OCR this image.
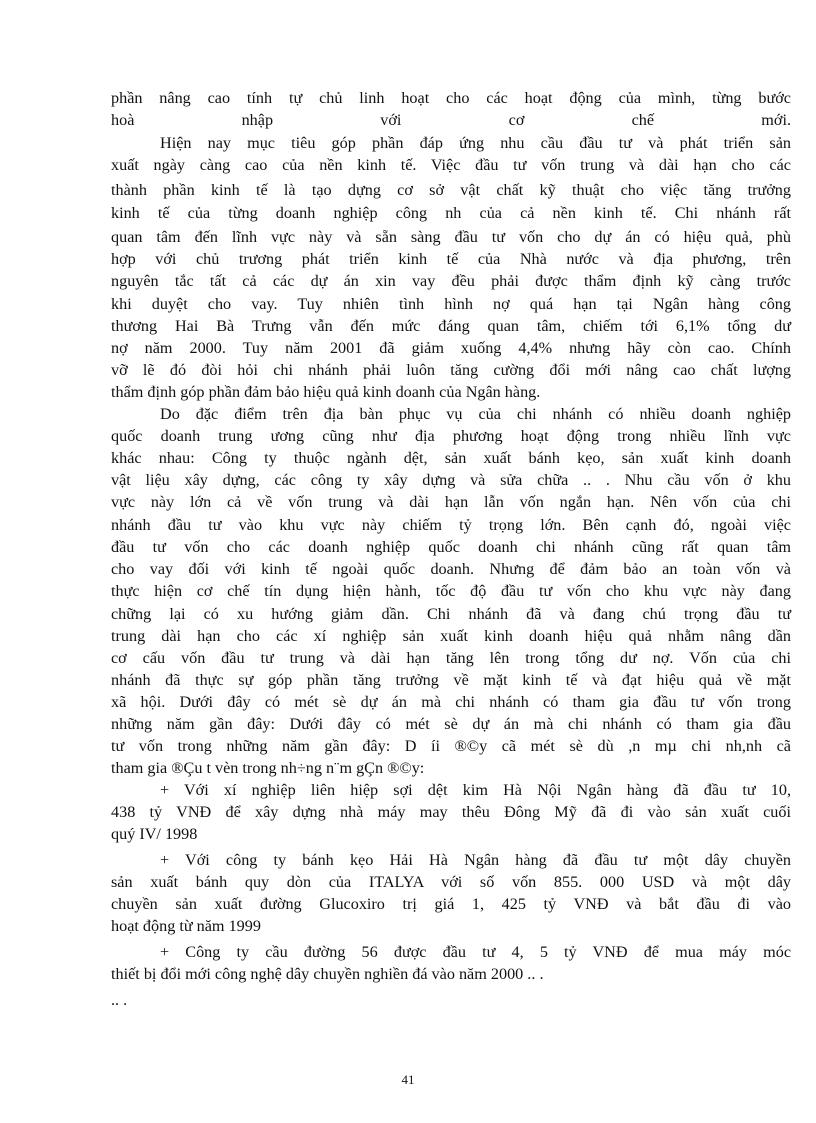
phần nâng cao tính tự chủ linh hoạt cho các hoạt động của mình, từng bước
hoà nhập với cơ chế mới.
Hiện nay mục tiêu góp phần đáp ứng nhu cầu đầu tư và phát triển sản
xuất ngày càng cao của nền kinh tế. Việc đầu tư vốn trung và dài hạn cho các
thành phần kinh tế là tạo dựng cơ sở vật chất kỹ thuật cho việc tăng trưởng
kinh tế của từng doanh nghiệp công nh của cả nền kinh tế. Chi nhánh rất
quan tâm đến lĩnh vực này và sẵn sàng đầu tư vốn cho dự án có hiệu quả, phù
hợp với chủ trương phát triển kinh tế của Nhà nước và địa phương, trên
nguyên tắc tất cả các dự án xin vay đều phải được thẩm định kỹ càng trước
khi duyệt cho vay. Tuy nhiên tình hình nợ quá hạn tại Ngân hàng công
thương Hai Bà Trưng vẫn đến mức đáng quan tâm, chiếm tới 6,1% tổng dư
nợ năm 2000. Tuy năm 2001 đã giảm xuống 4,4% nhưng hãy còn cao. Chính
vỡ lẽ đó đòi hỏi chi nhánh phải luôn tăng cường đổi mới nâng cao chất lượng
thẩm định góp phần đảm bảo hiệu quả kinh doanh của Ngân hàng.
Do đặc điểm trên địa bàn phục vụ của chi nhánh có nhiều doanh nghiệp
quốc doanh trung ương cũng như địa phương hoạt động trong nhiều lĩnh vực
khác nhau: Công ty thuộc ngành dệt, sản xuất bánh kẹo, sản xuất kinh doanh
vật liệu xây dựng, các công ty xây dựng và sửa chữa .. . Nhu cầu vốn ở khu
vực này lớn cả về vốn trung và dài hạn lẫn vốn ngắn hạn. Nên vốn của chi
nhánh đầu tư vào khu vực này chiếm tỷ trọng lớn. Bên cạnh đó, ngoài việc
đầu tư vốn cho các doanh nghiệp quốc doanh chi nhánh cũng rất quan tâm
cho vay đối với kinh tế ngoài quốc doanh. Nhưng để đảm bảo an toàn vốn và
thực hiện cơ chế tín dụng hiện hành, tốc độ đầu tư vốn cho khu vực này đang
chững lại có xu hướng giảm dần. Chi nhánh đã và đang chú trọng đầu tư
trung dài hạn cho các xí nghiệp sản xuất kinh doanh hiệu quả nhằm nâng dần
cơ cấu vốn đầu tư trung và dài hạn tăng lên trong tổng dư nợ. Vốn của chi
nhánh đã thực sự góp phần tăng trưởng về mặt kinh tế và đạt hiệu quả về mặt
xã hội. Dưới đây có mét sè dự án mà chi nhánh có tham gia đầu tư vốn trong
những năm gần đây: Dưới đây có mét sè dự án mà chi nhánh có tham gia đầu
tư vốn trong những năm gần đây: D íi ®©y cã mét sè dù ,n mµ chi nh,nh cã
tham gia ®Çu t vèn trong nh÷ng n¨m gÇn ®©y:
+ Với xí nghiệp liên hiệp sợi dệt kim Hà Nội Ngân hàng đã đầu tư 10,
438 tỷ VNĐ để xây dựng nhà máy may thêu Đông Mỹ đã đi vào sản xuất cuối
quý IV/ 1998
+ Với công ty bánh kẹo Hải Hà Ngân hàng đã đầu tư một dây chuyền
sản xuất bánh quy dòn của ITALYA với số vốn 855. 000 USD và một dây
chuyền sản xuất đường Glucoxiro trị giá 1, 425 tỷ VNĐ và bắt đầu đi vào
hoạt động từ năm 1999
+ Công ty cầu đường 56 được đầu tư 4, 5 tỷ VNĐ để mua máy móc
thiết bị đổi mới công nghệ dây chuyền nghiền đá vào năm 2000 .. .
.. .
41
